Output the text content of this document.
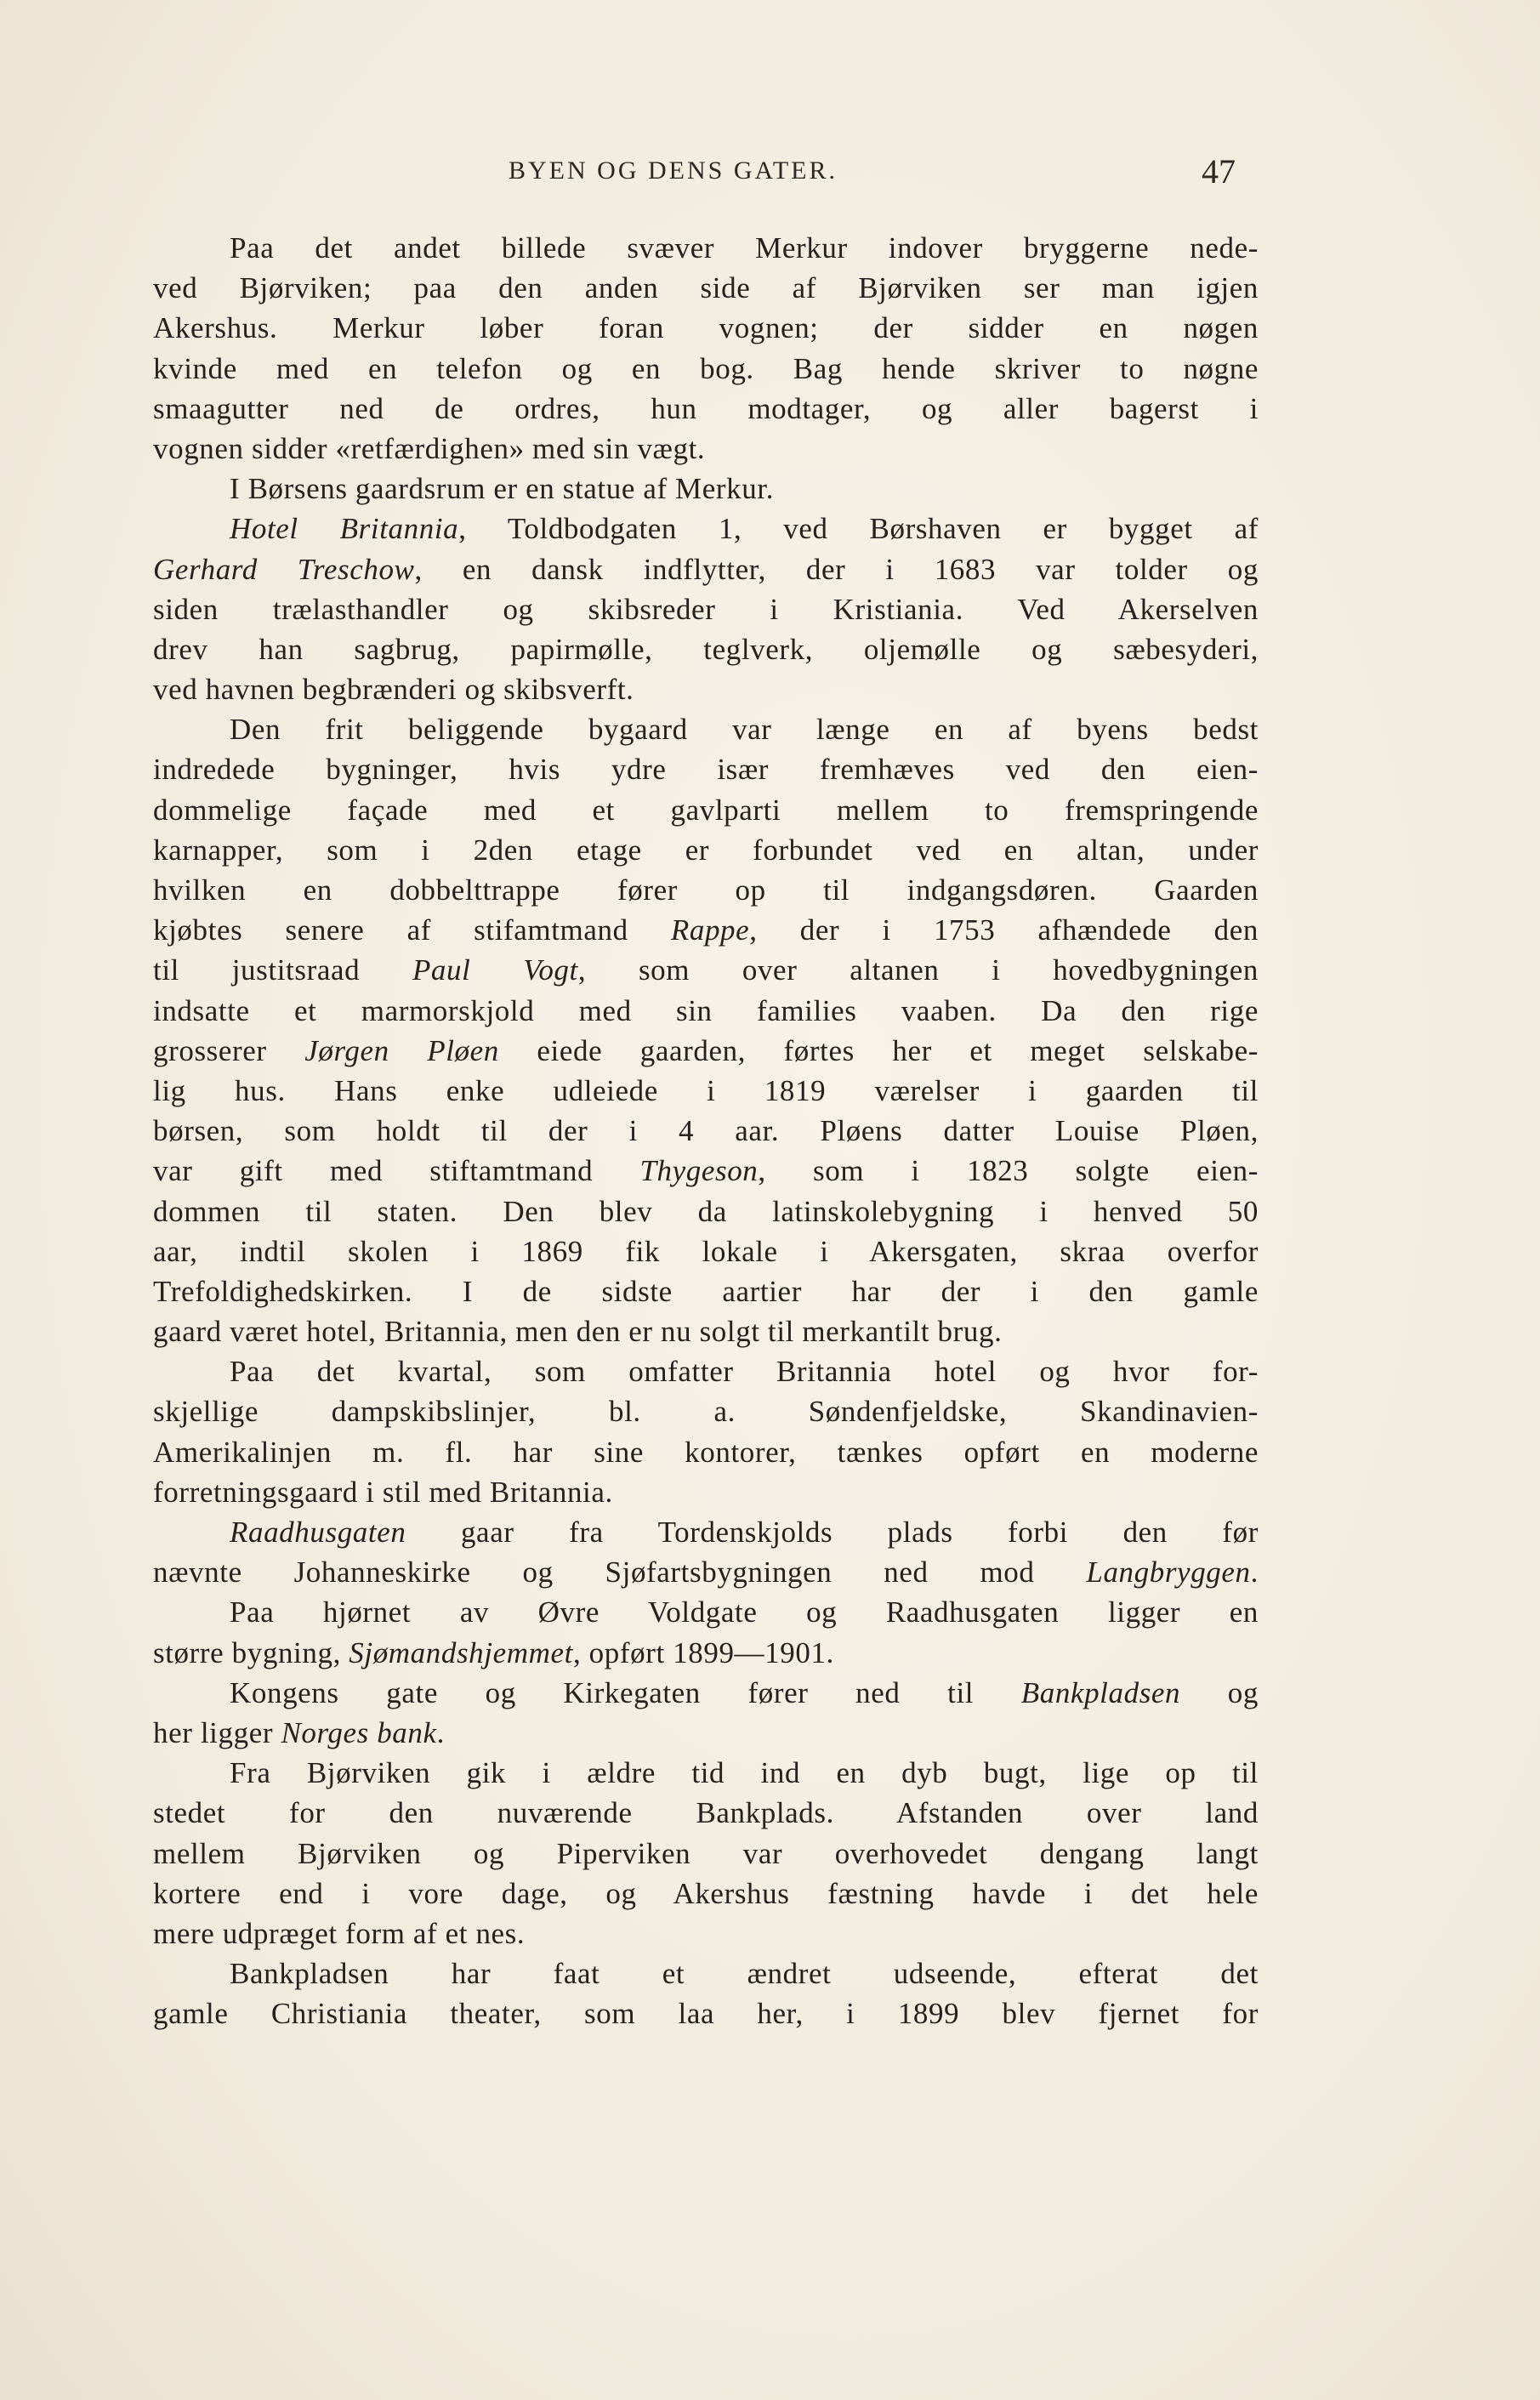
BYEN OG DENS GATER.	47
Paa det andet billede svæver Merkur indover bryggerne nede-
ved Bjørviken; paa den anden side af Bjørviken ser man igjen
Akershus. Merkur løber foran vognen; der sidder en nøgen
kvinde med en telefon og en bog. Bag hende skriver to nøgne
smaagutter ned de ordres, hun modtager, og aller bagerst i
vognen sidder «retfærdighen» med sin vægt.
I Børsens gaardsrum er en statue af Merkur.
Hotel Britannia, Toldbodgaten 1, ved Børshaven er bygget af
Gerhard Treschow, en dansk indflytter, der i 1683 var tolder og
siden trælasthandler og skibsreder i Kristiania. Ved Akerselven
drev han sagbrug, papirmølle, teglverk, oljemølle og sæbesyderi,
ved havnen begbrænderi og skibsverft.
Den frit beliggende bygaard var længe en af byens bedst
indredede bygninger, hvis ydre især fremhæves ved den eien-
dommelige façade med et gavlparti mellem to fremspringende
karnapper, som i 2den etage er forbundet ved en altan, under
hvilken en dobbelttrappe fører op til indgangsdøren. Gaarden
kjøbtes senere af stifamtmand Rappe, der i 1753 afhændede den
til justitsraad Paul Vogt, som over altanen i hovedbygningen
indsatte et marmorskjold med sin families vaaben. Da den rige
grosserer Jørgen Pløen eiede gaarden, førtes her et meget selskabe-
lig hus. Hans enke udleiede i 1819 værelser i gaarden til
børsen, som holdt til der i 4 aar. Pløens datter Louise Pløen,
var gift med stiftamtmand Thygeson, som i 1823 solgte eien-
dommen til staten. Den blev da latinskolebygning i henved 50
aar, indtil skolen i 1869 fik lokale i Akersgaten, skraa overfor
Trefoldighedskirken. I de sidste aartier har der i den gamle
gaard været hotel, Britannia, men den er nu solgt til merkantilt brug.
Paa det kvartal, som omfatter Britannia hotel og hvor for-
skjellige dampskibslinjer, bl. a. Søndenfjeldske, Skandinavien-
Amerikalinjen m. fl. har sine kontorer, tænkes opført en moderne
forretningsgaard i stil med Britannia.
Raadhusgaten gaar fra Tordenskjolds plads forbi den før
nævnte Johanneskirke og Sjøfartsbygningen ned mod Langbryggen.
Paa hjørnet av Øvre Voldgate og Raadhusgaten ligger en
større bygning, Sjømandshjemmet, opført 1899—1901.
Kongens gate og Kirkegaten fører ned til Bankpladsen og
her ligger Norges bank.
Fra Bjørviken gik i ældre tid ind en dyb bugt, lige op til
stedet for den nuværende Bankplads. Afstanden over land
mellem Bjørviken og Piperviken var overhovedet dengang langt
kortere end i vore dage, og Akershus fæstning havde i det hele
mere udpræget form af et nes.
Bankpladsen har faat et ændret udseende, efterat det
gamle Christiania theater, som laa her, i 1899 blev fjernet for
